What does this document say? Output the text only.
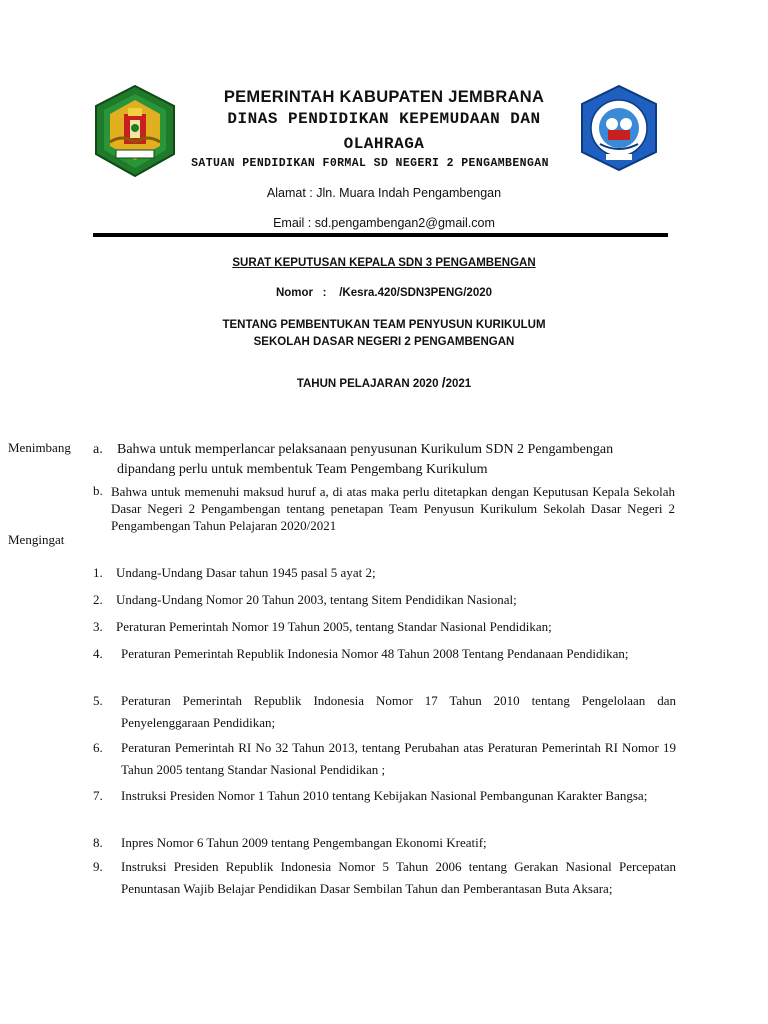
PEMERINTAH KABUPATEN JEMBRANA
DINAS PENDIDIKAN KEPEMUDAAN DAN
OLAHRAGA
SATUAN PENDIDIKAN F0RMAL SD NEGERI 2 PENGAMBENGAN
Alamat : Jln. Muara Indah Pengambengan
Email : sd.pengambengan2@gmail.com
SURAT KEPUTUSAN KEPALA SDN 3 PENGAMBENGAN
Nomor   :    /Kesra.420/SDN3PENG/2020
TENTANG PEMBENTUKAN TEAM PENYUSUN KURIKULUM
SEKOLAH DASAR NEGERI 2 PENGAMBENGAN
TAHUN PELAJARAN 2020 /2021
Menimbang a. Bahwa untuk memperlancar pelaksanaan penyusunan Kurikulum SDN 2 Pengambengan
dipandang perlu untuk membentuk Team Pengembang Kurikulum
b. Bahwa untuk memenuhi maksud huruf a, di atas maka perlu ditetapkan dengan Keputusan Kepala Sekolah Dasar Negeri 2 Pengambengan tentang penetapan Team Penyusun Kurikulum Sekolah Dasar Negeri 2 Pengambengan Tahun Pelajaran 2020/2021
Mengingat
1. Undang-Undang Dasar tahun 1945 pasal 5 ayat 2;
2. Undang-Undang Nomor 20 Tahun 2003, tentang Sitem Pendidikan Nasional;
3. Peraturan Pemerintah Nomor 19 Tahun 2005, tentang Standar Nasional Pendidikan;
4. Peraturan Pemerintah Republik Indonesia Nomor 48 Tahun 2008 Tentang Pendanaan Pendidikan;
5. Peraturan Pemerintah Republik Indonesia Nomor 17 Tahun 2010 tentang Pengelolaan dan Penyelenggaraan Pendidikan;
6. Peraturan Pemerintah RI No 32 Tahun 2013, tentang Perubahan atas Peraturan Pemerintah RI Nomor 19 Tahun 2005 tentang Standar Nasional Pendidikan ;
7. Instruksi Presiden Nomor 1 Tahun 2010 tentang Kebijakan Nasional Pembangunan Karakter Bangsa;
8. Inpres Nomor 6 Tahun 2009 tentang Pengembangan Ekonomi Kreatif;
9. Instruksi Presiden Republik Indonesia Nomor 5 Tahun 2006 tentang Gerakan Nasional Percepatan Penuntasan Wajib Belajar Pendidikan Dasar Sembilan Tahun dan Pemberantasan Buta Aksara;
